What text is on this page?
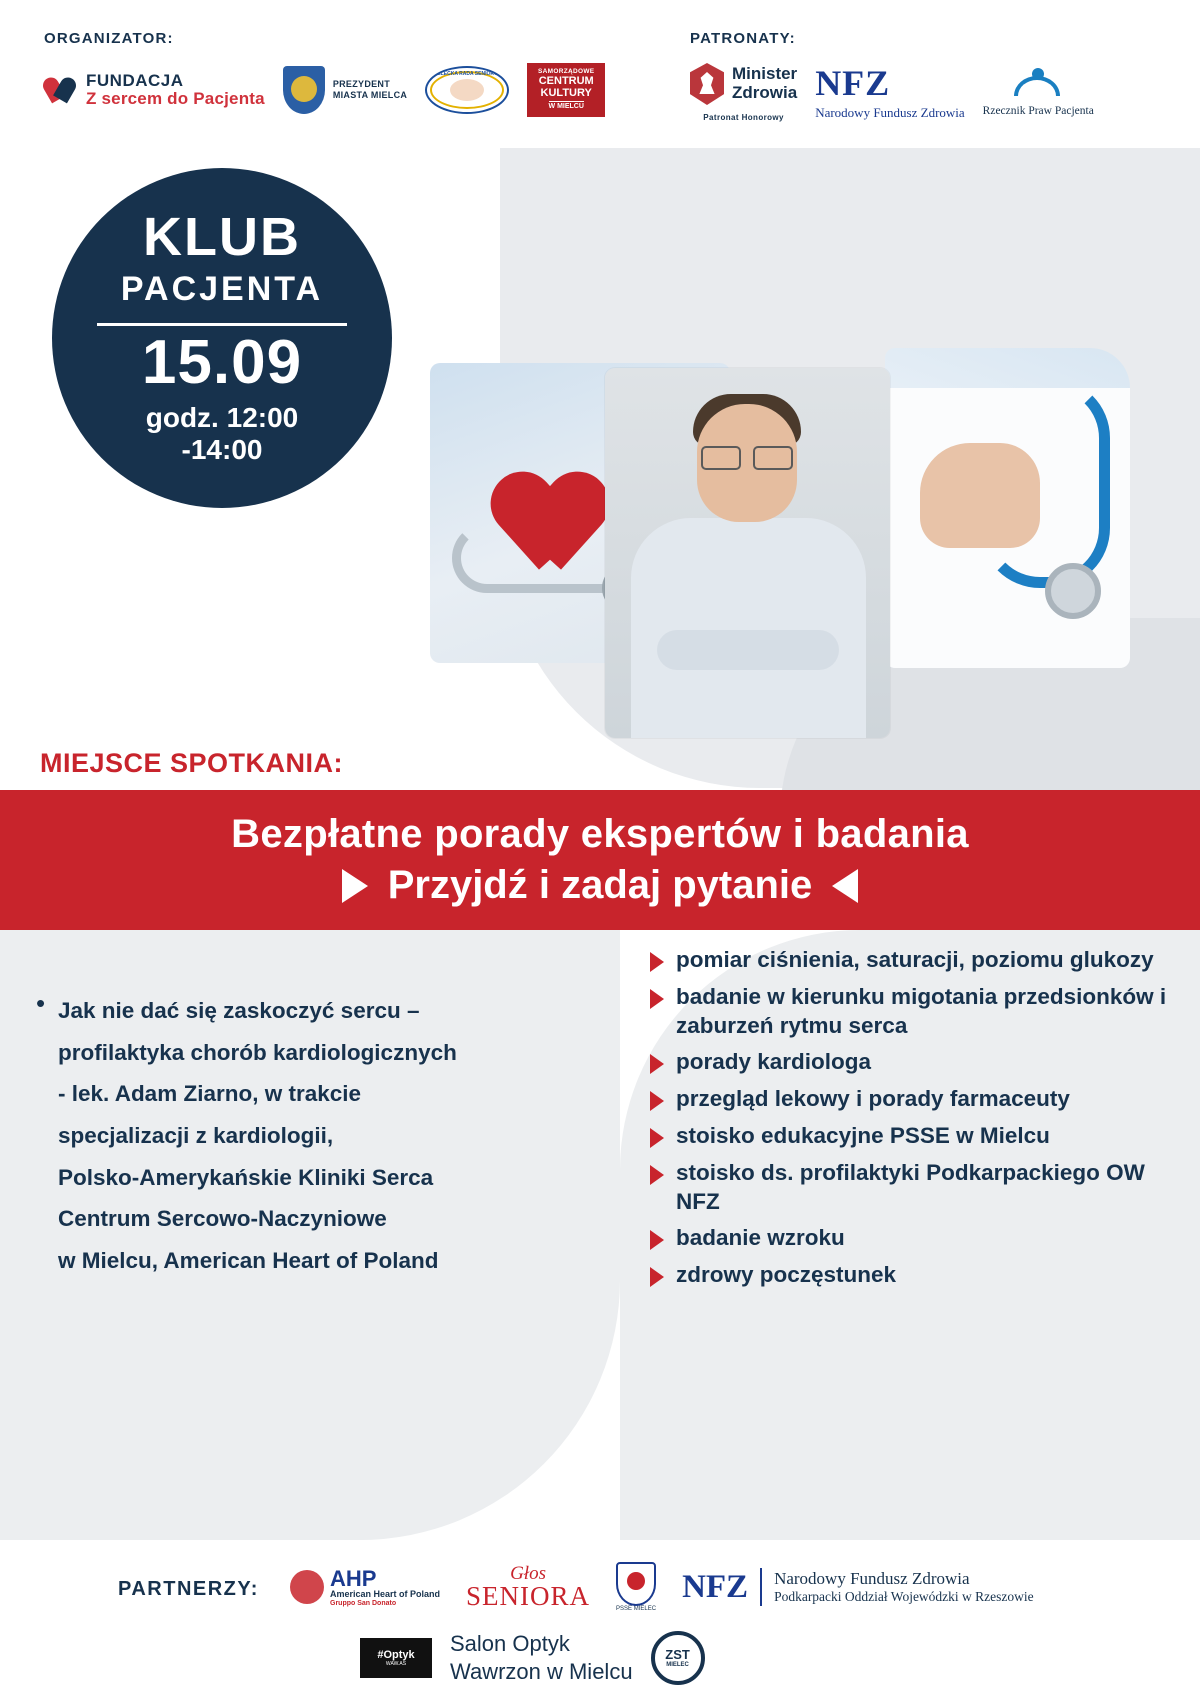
ORGANIZATOR:
FUNDACJA
Z sercem do Pacjenta
PREZYDENT
MIASTA MIELCA
MIELECKA RADA SENIORÓW	SAMORZĄDOWE
CENTRUM
KULTURY
W MIELCU
PATRONATY:
Minister
Zdrowia
Patronat Honorowy
NFZ
Narodowy Fundusz Zdrowia Rzecznik Praw Pacjenta
KLUB
PACJENTA
15.09
godz. 12:00
-14:00
MIEJSCE SPOTKANIA:

Bezpłatne porady ekspertów i badania
Przyjdź i zadaj pytanie
• Jak nie dać się zaskoczyć sercu –
profilaktyka chorób kardiologicznych
- lek. Adam Ziarno, w trakcie
specjalizacji z kardiologii,
Polsko-Amerykańskie Kliniki Serca
Centrum Sercowo-Naczyniowe
w Mielcu, American Heart of Poland
pomiar ciśnienia, saturacji, poziomu glukozy
badanie w kierunku migotania przedsionków i zaburzeń rytmu serca
porady kardiologa
przegląd lekowy i porady farmaceuty
stoisko edukacyjne PSSE w Mielcu
stoisko ds. profilaktyki Podkarpackiego OW NFZ
badanie wzroku
zdrowy poczęstunek
PARTNERZY:	AHP
American Heart of Poland
Gruppo San Donato
Głos
SENIORA	PSSE MIELEC
NFZ Narodowy Fundusz Zdrowia
Podkarpacki Oddział Wojewódzki w Rzeszowie
#Optyk
WAW.AS
Salon Optyk
Wawrzon w Mielcu
ZST
MIELEC
